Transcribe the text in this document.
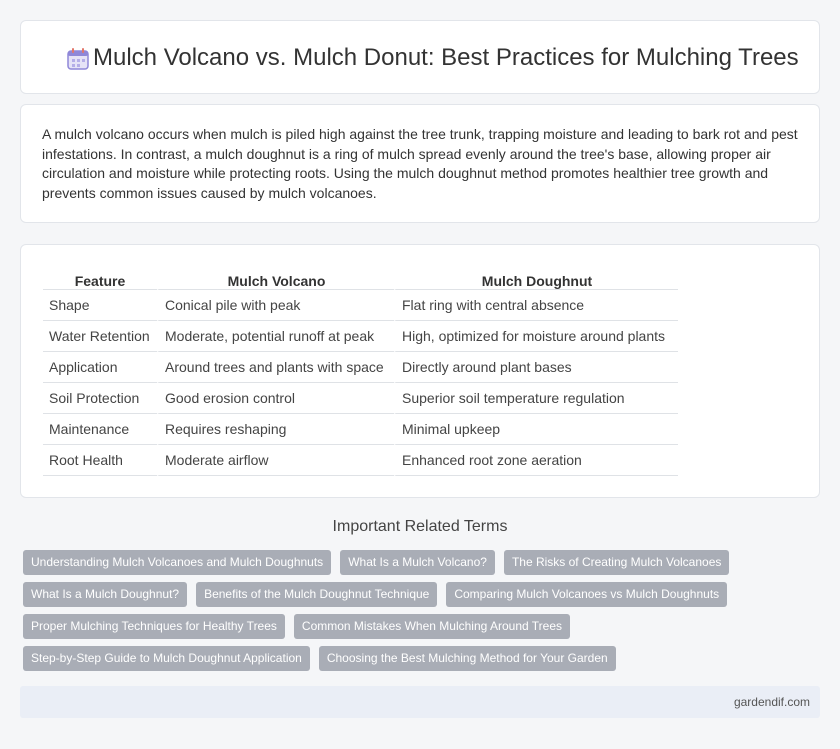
Mulch Volcano vs. Mulch Donut: Best Practices for Mulching Trees

A mulch volcano occurs when mulch is piled high against the tree trunk, trapping moisture and leading to bark rot and pest infestations. In contrast, a mulch doughnut is a ring of mulch spread evenly around the tree's base, allowing proper air circulation and moisture while protecting roots. Using the mulch doughnut method promotes healthier tree growth and prevents common issues caused by mulch volcanoes.

Feature	Mulch Volcano	Mulch Doughnut
Shape	Conical pile with peak	Flat ring with central absence
Water Retention	Moderate, potential runoff at peak	High, optimized for moisture around plants
Application	Around trees and plants with space	Directly around plant bases
Soil Protection	Good erosion control	Superior soil temperature regulation
Maintenance	Requires reshaping	Minimal upkeep
Root Health	Moderate airflow	Enhanced root zone aeration
Important Related Terms
Understanding Mulch Volcanoes and Mulch Doughnuts	What Is a Mulch Volcano?	The Risks of Creating Mulch Volcanoes
What Is a Mulch Doughnut?	Benefits of the Mulch Doughnut Technique	Comparing Mulch Volcanoes vs Mulch Doughnuts
Proper Mulching Techniques for Healthy Trees	Common Mistakes When Mulching Around Trees
Step-by-Step Guide to Mulch Doughnut Application	Choosing the Best Mulching Method for Your Garden
gardendif.com
